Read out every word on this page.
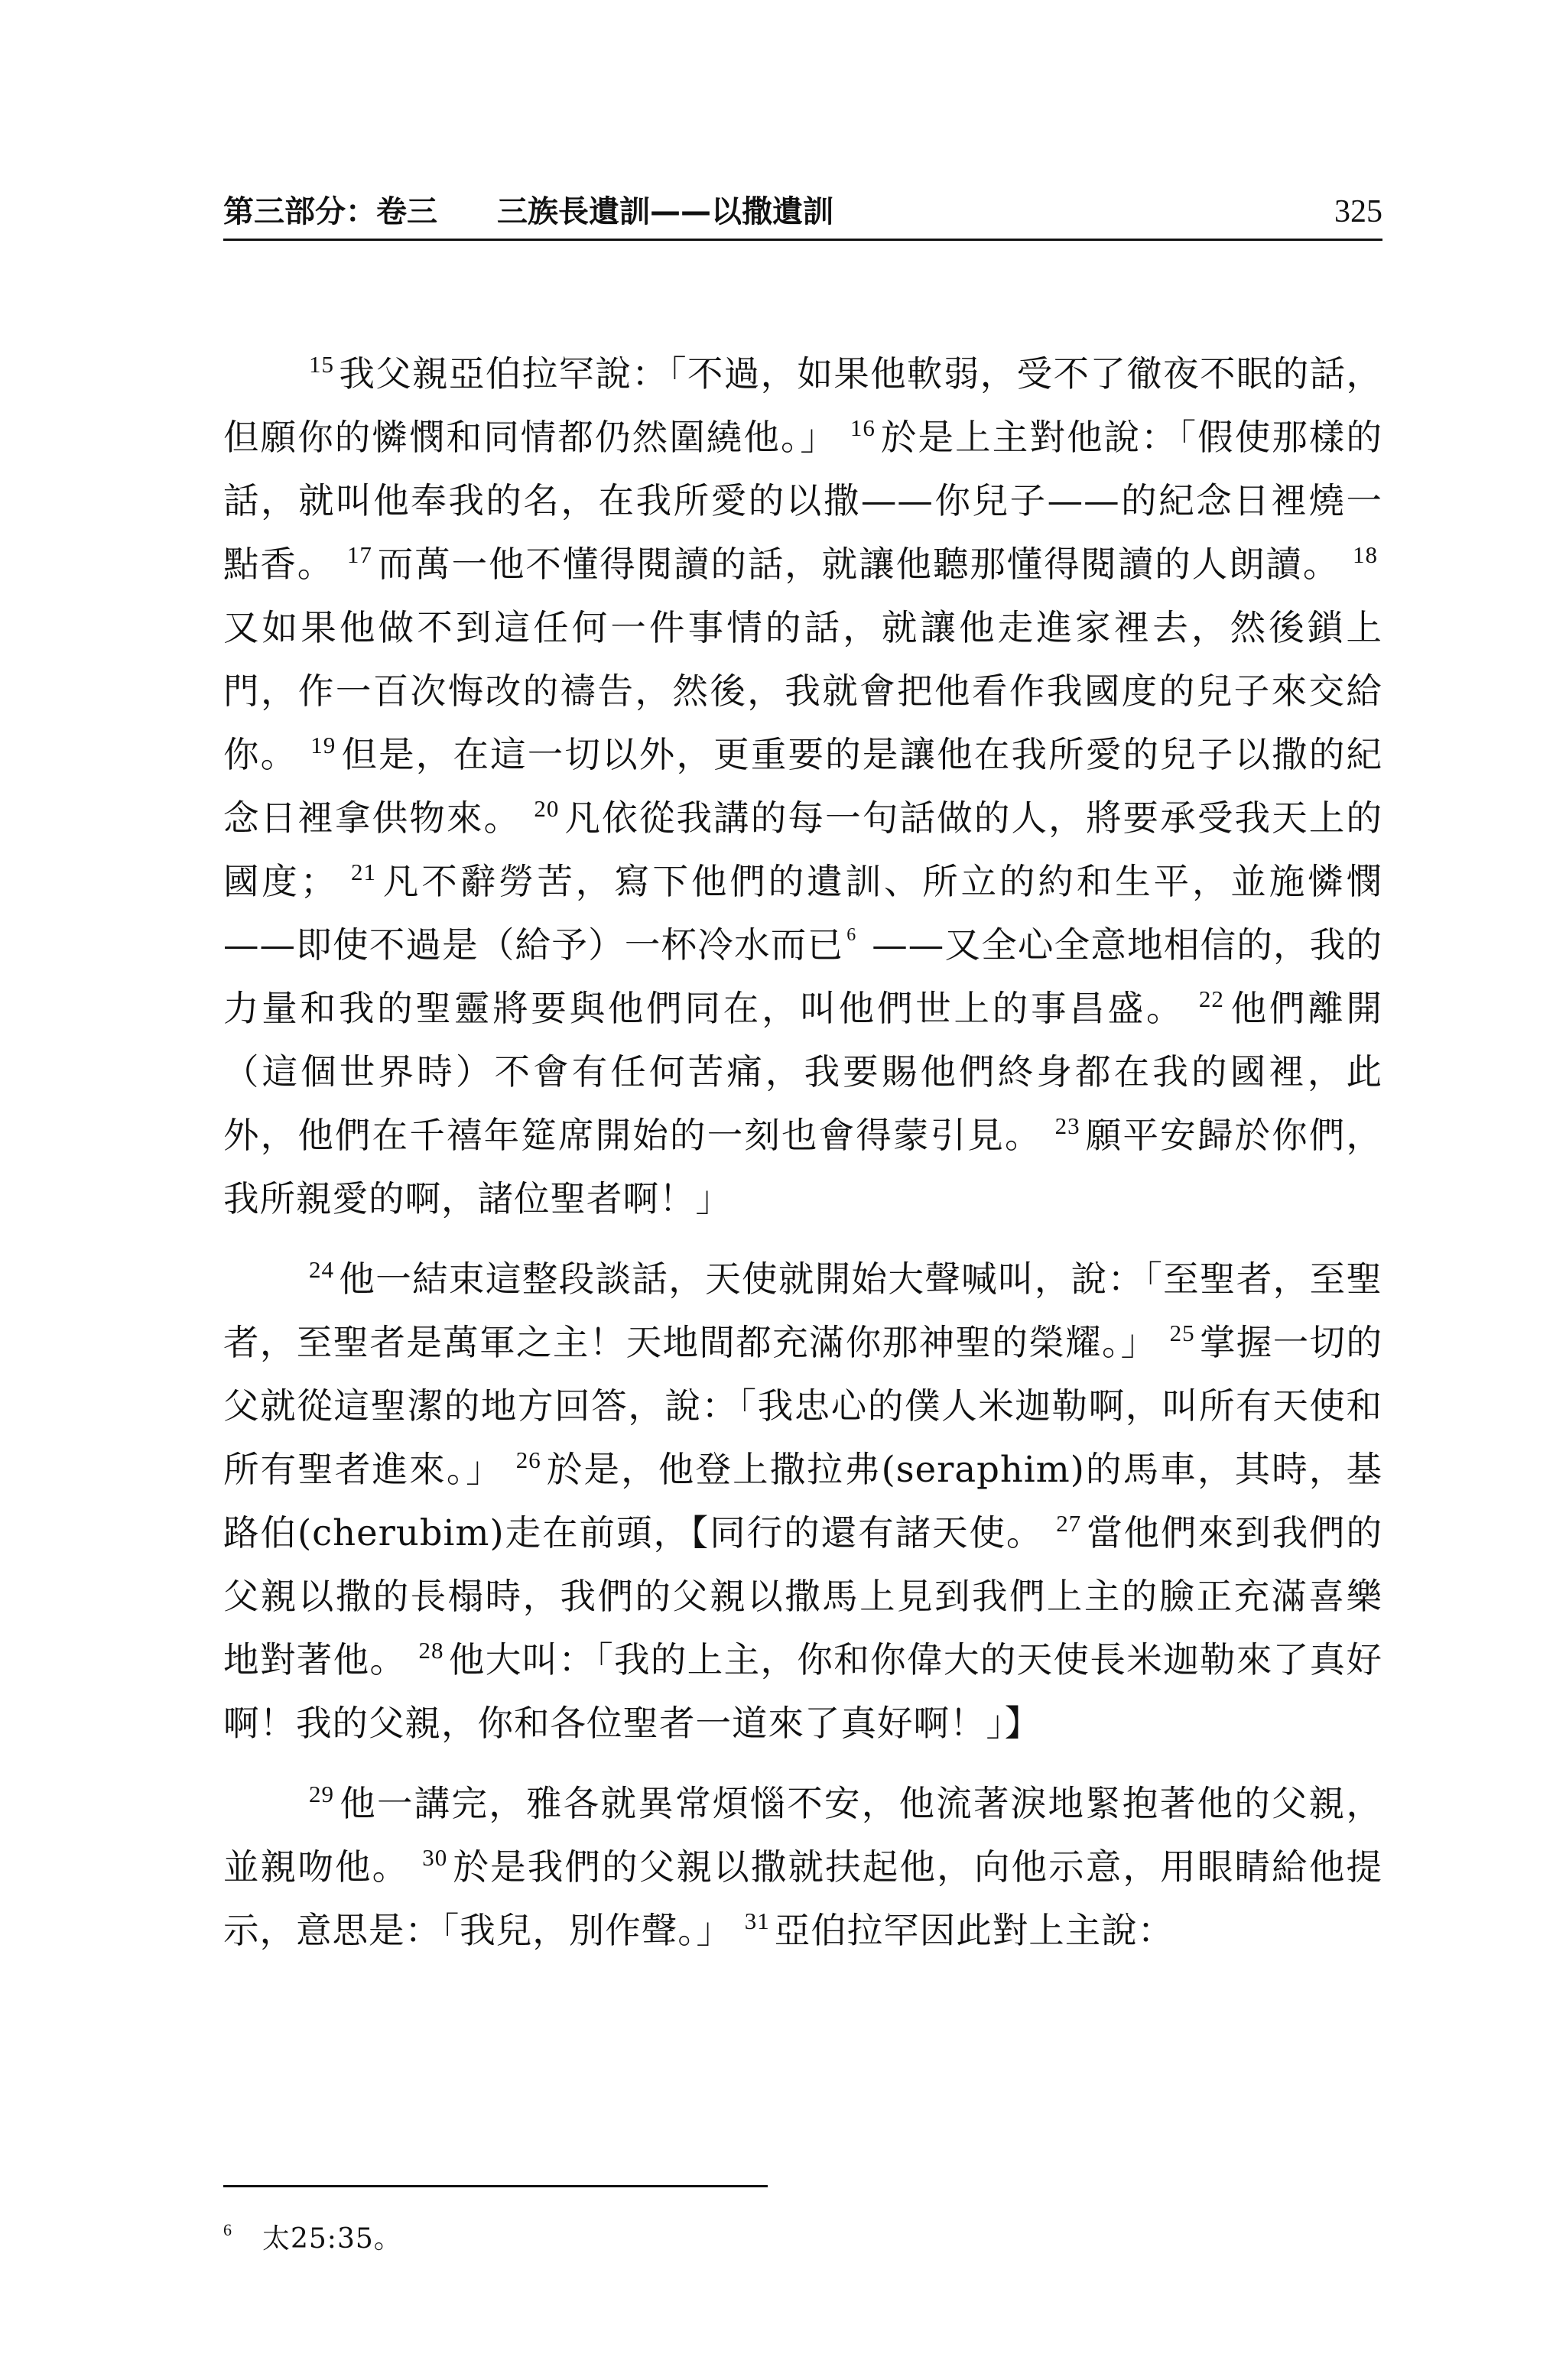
第三部分：卷三 三族長遺訓——以撒遺訓	325

$^{15}$ 我父親亞伯拉罕說：「不過，如果他軟弱，受不了徹夜不眠的話，但願你的憐憫和同情都仍然圍繞他。」 $^{16}$ 於是上主對他說：「假使那樣的話，就叫他奉我的名，在我所愛的以撒——你兒子——的紀念日裡燒一點香。 $^{17}$ 而萬一他不懂得閱讀的話，就讓他聽那懂得閱讀的人朗讀。 $^{18}$又如果他做不到這任何一件事情的話，就讓他走進家裡去，然後鎖上門，作一百次悔改的禱告，然後，我就會把他看作我國度的兒子來交給你。 $^{19}$ 但是，在這一切以外，更重要的是讓他在我所愛的兒子以撒的紀念日裡拿供物來。 $^{20}$ 凡依從我講的每一句話做的人，將要承受我天上的國度； $^{21}$ 凡不辭勞苦，寫下他們的遺訓、所立的約和生平，並施憐憫——即使不過是（給予）一杯冷水而已 $^6$ ——又全心全意地相信的，我的力量和我的聖靈將要與他們同在，叫他們世上的事昌盛。 $^{22}$ 他們離開（這個世界時）不會有任何苦痛，我要賜他們終身都在我的國裡，此外，他們在千禧年筵席開始的一刻也會得蒙引見。 $^{23}$ 願平安歸於你們，我所親愛的啊，諸位聖者啊！」

$^{24}$ 他一結束這整段談話，天使就開始大聲喊叫，說：「至聖者，至聖者，至聖者是萬軍之主！天地間都充滿你那神聖的榮耀。」 $^{25}$ 掌握一切的父就從這聖潔的地方回答，說：「我忠心的僕人米迦勒啊，叫所有天使和所有聖者進來。」 $^{26}$ 於是，他登上撒拉弗(seraphim)的馬車，其時，基路伯(cherubim)走在前頭，【同行的還有諸天使。 $^{27}$ 當他們來到我們的父親以撒的長榻時，我們的父親以撒馬上見到我們上主的臉正充滿喜樂地對著他。 $^{28}$ 他大叫：「我的上主，你和你偉大的天使長米迦勒來了真好啊！我的父親，你和各位聖者一道來了真好啊！」】

$^{29}$ 他一講完，雅各就異常煩惱不安，他流著淚地緊抱著他的父親，並親吻他。 $^{30}$ 於是我們的父親以撒就扶起他，向他示意，用眼睛給他提示，意思是：「我兒，別作聲。」 $^{31}$ 亞伯拉罕因此對上主說：

$^6$ 太25:35。
